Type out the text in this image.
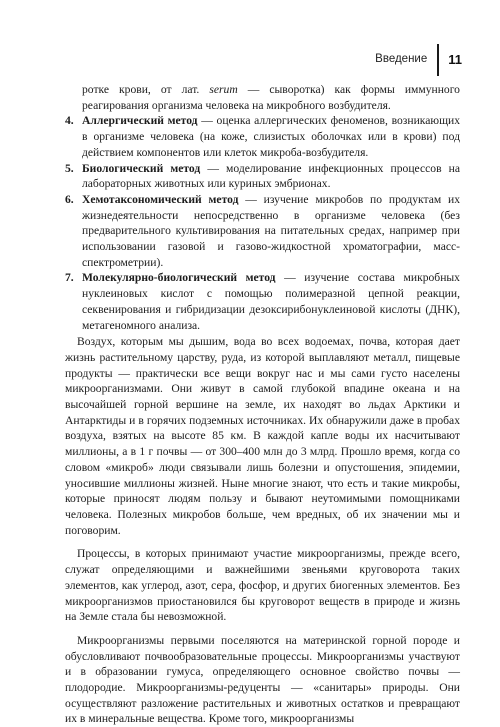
Введение 11

ротке крови, от лат. serum — сыворотка) как формы иммунного реагирования организма человека на микробного возбудителя.

4. Аллергический метод — оценка аллергических феноменов, возникающих в организме человека (на коже, слизистых оболочках или в крови) под действием компонентов или клеток микроба-возбудителя.
5. Биологический метод — моделирование инфекционных процессов на лабораторных животных или куриных эмбрионах.
6. Хемотаксономический метод — изучение микробов по продуктам их жизнедеятельности непосредственно в организме человека (без предварительного культивирования на питательных средах, например при использовании газовой и газово-жидкостной хроматографии, масс-спектрометрии).
7. Молекулярно-биологический метод — изучение состава микробных нуклеиновых кислот с помощью полимеразной цепной реакции, секвенирования и гибридизации дезоксирибонуклеиновой кислоты (ДНК), метагеномного анализа.

Воздух, которым мы дышим, вода во всех водоемах, почва, которая дает жизнь растительному царству, руда, из которой выплавляют металл, пищевые продукты — практически все вещи вокруг нас и мы сами густо населены микроорганизмами. Они живут в самой глубокой впадине океана и на высочайшей горной вершине на земле, их находят во льдах Арктики и Антарктиды и в горячих подземных источниках. Их обнаружили даже в пробах воздуха, взятых на высоте 85 км. В каждой капле воды их насчитывают миллионы, а в 1 г почвы — от 300–400 млн до 3 млрд. Прошло время, когда со словом «микроб» люди связывали лишь болезни и опустошения, эпидемии, уносившие миллионы жизней. Ныне многие знают, что есть и такие микробы, которые приносят людям пользу и бывают неутомимыми помощниками человека. Полезных микробов больше, чем вредных, об их значении мы и поговорим.

Процессы, в которых принимают участие микроорганизмы, прежде всего, служат определяющими и важнейшими звеньями круговорота таких элементов, как углерод, азот, сера, фосфор, и других биогенных элементов. Без микроорганизмов приостановился бы круговорот веществ в природе и жизнь на Земле стала бы невозможной.

Микроорганизмы первыми поселяются на материнской горной породе и обусловливают почвообразовательные процессы. Микроорганизмы участвуют и в образовании гумуса, определяющего основное свойство почвы — плодородие. Микроорганизмы-редуценты — «санитары» природы. Они осуществляют разложение растительных и животных остатков и превращают их в минеральные вещества. Кроме того, микроорганизмы
